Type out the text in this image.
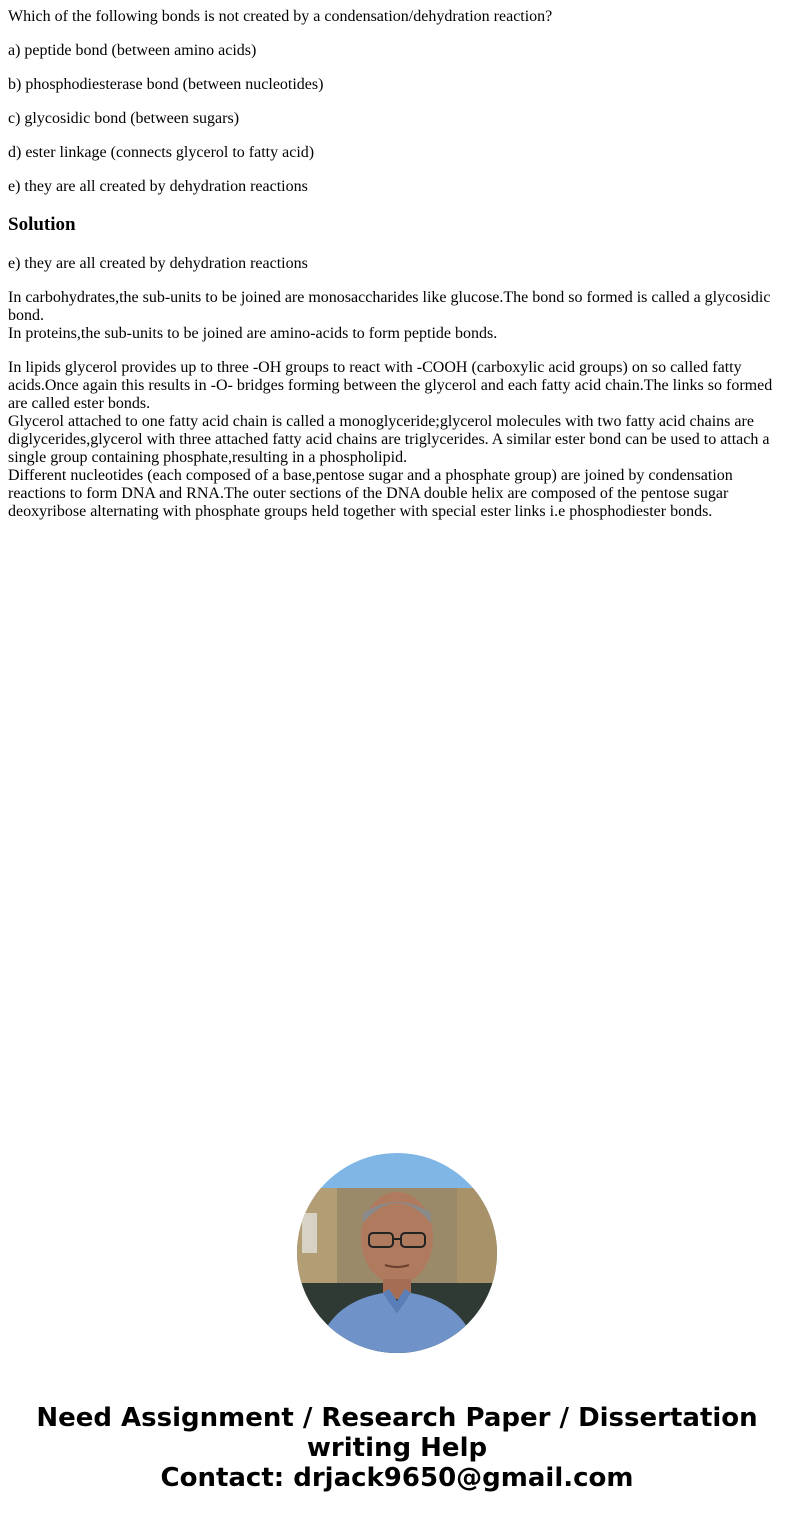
Which of the following bonds is not created by a condensation/dehydration reaction?

a) peptide bond (between amino acids)

b) phosphodiesterase bond (between nucleotides)

c) glycosidic bond (between sugars)

d) ester linkage (connects glycerol to fatty acid)

e) they are all created by dehydration reactions

Solution

e) they are all created by dehydration reactions

In carbohydrates,the sub-units to be joined are monosaccharides like glucose.The bond so formed is called a glycosidic bond.
In proteins,the sub-units to be joined are amino-acids to form peptide bonds.
In lipids glycerol provides up to three -OH groups to react with -COOH (carboxylic acid groups) on so called fatty acids.Once again this results in -O- bridges forming between the glycerol and each fatty acid chain.The links so formed are called ester bonds.
Glycerol attached to one fatty acid chain is called a monoglyceride;glycerol molecules with two fatty acid chains are diglycerides,glycerol with three attached fatty acid chains are triglycerides. A similar ester bond can be used to attach a single group containing phosphate,resulting in a phospholipid.
Different nucleotides (each composed of a base,pentose sugar and a phosphate group) are joined by condensation reactions to form DNA and RNA.The outer sections of the DNA double helix are composed of the pentose sugar deoxyribose alternating with phosphate groups held together with special ester links i.e phosphodiester bonds.
Need Assignment / Research Paper / Dissertation
writing Help
Contact: drjack9650@gmail.com
